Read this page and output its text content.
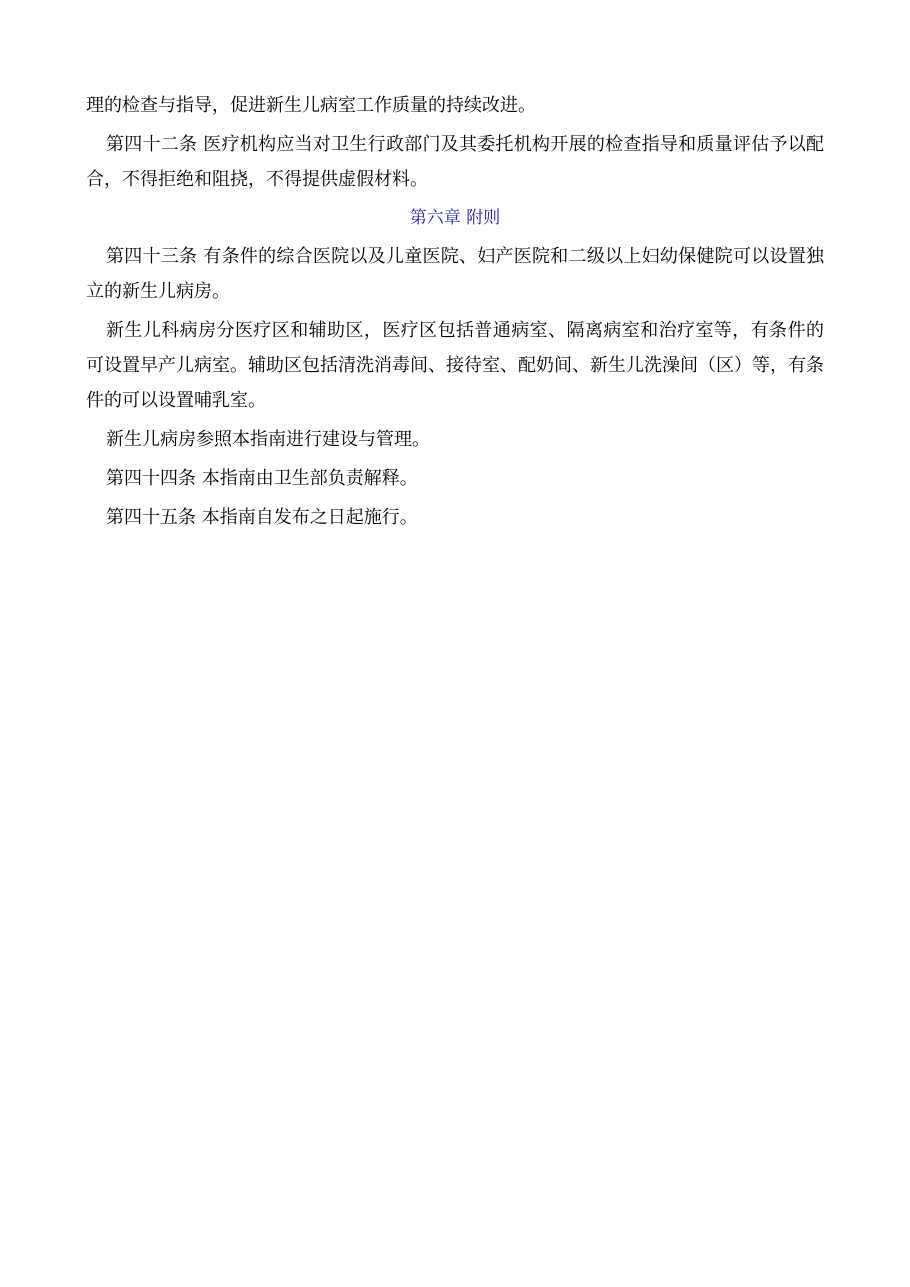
理的检查与指导，促进新生儿病室工作质量的持续改进。

第四十二条 医疗机构应当对卫生行政部门及其委托机构开展的检查指导和质量评估予以配合，不得拒绝和阻挠，不得提供虚假材料。

第六章 附则

第四十三条 有条件的综合医院以及儿童医院、妇产医院和二级以上妇幼保健院可以设置独立的新生儿病房。

新生儿科病房分医疗区和辅助区，医疗区包括普通病室、隔离病室和治疗室等，有条件的可设置早产儿病室。辅助区包括清洗消毒间、接待室、配奶间、新生儿洗澡间（区）等，有条件的可以设置哺乳室。

新生儿病房参照本指南进行建设与管理。

第四十四条 本指南由卫生部负责解释。

第四十五条 本指南自发布之日起施行。
